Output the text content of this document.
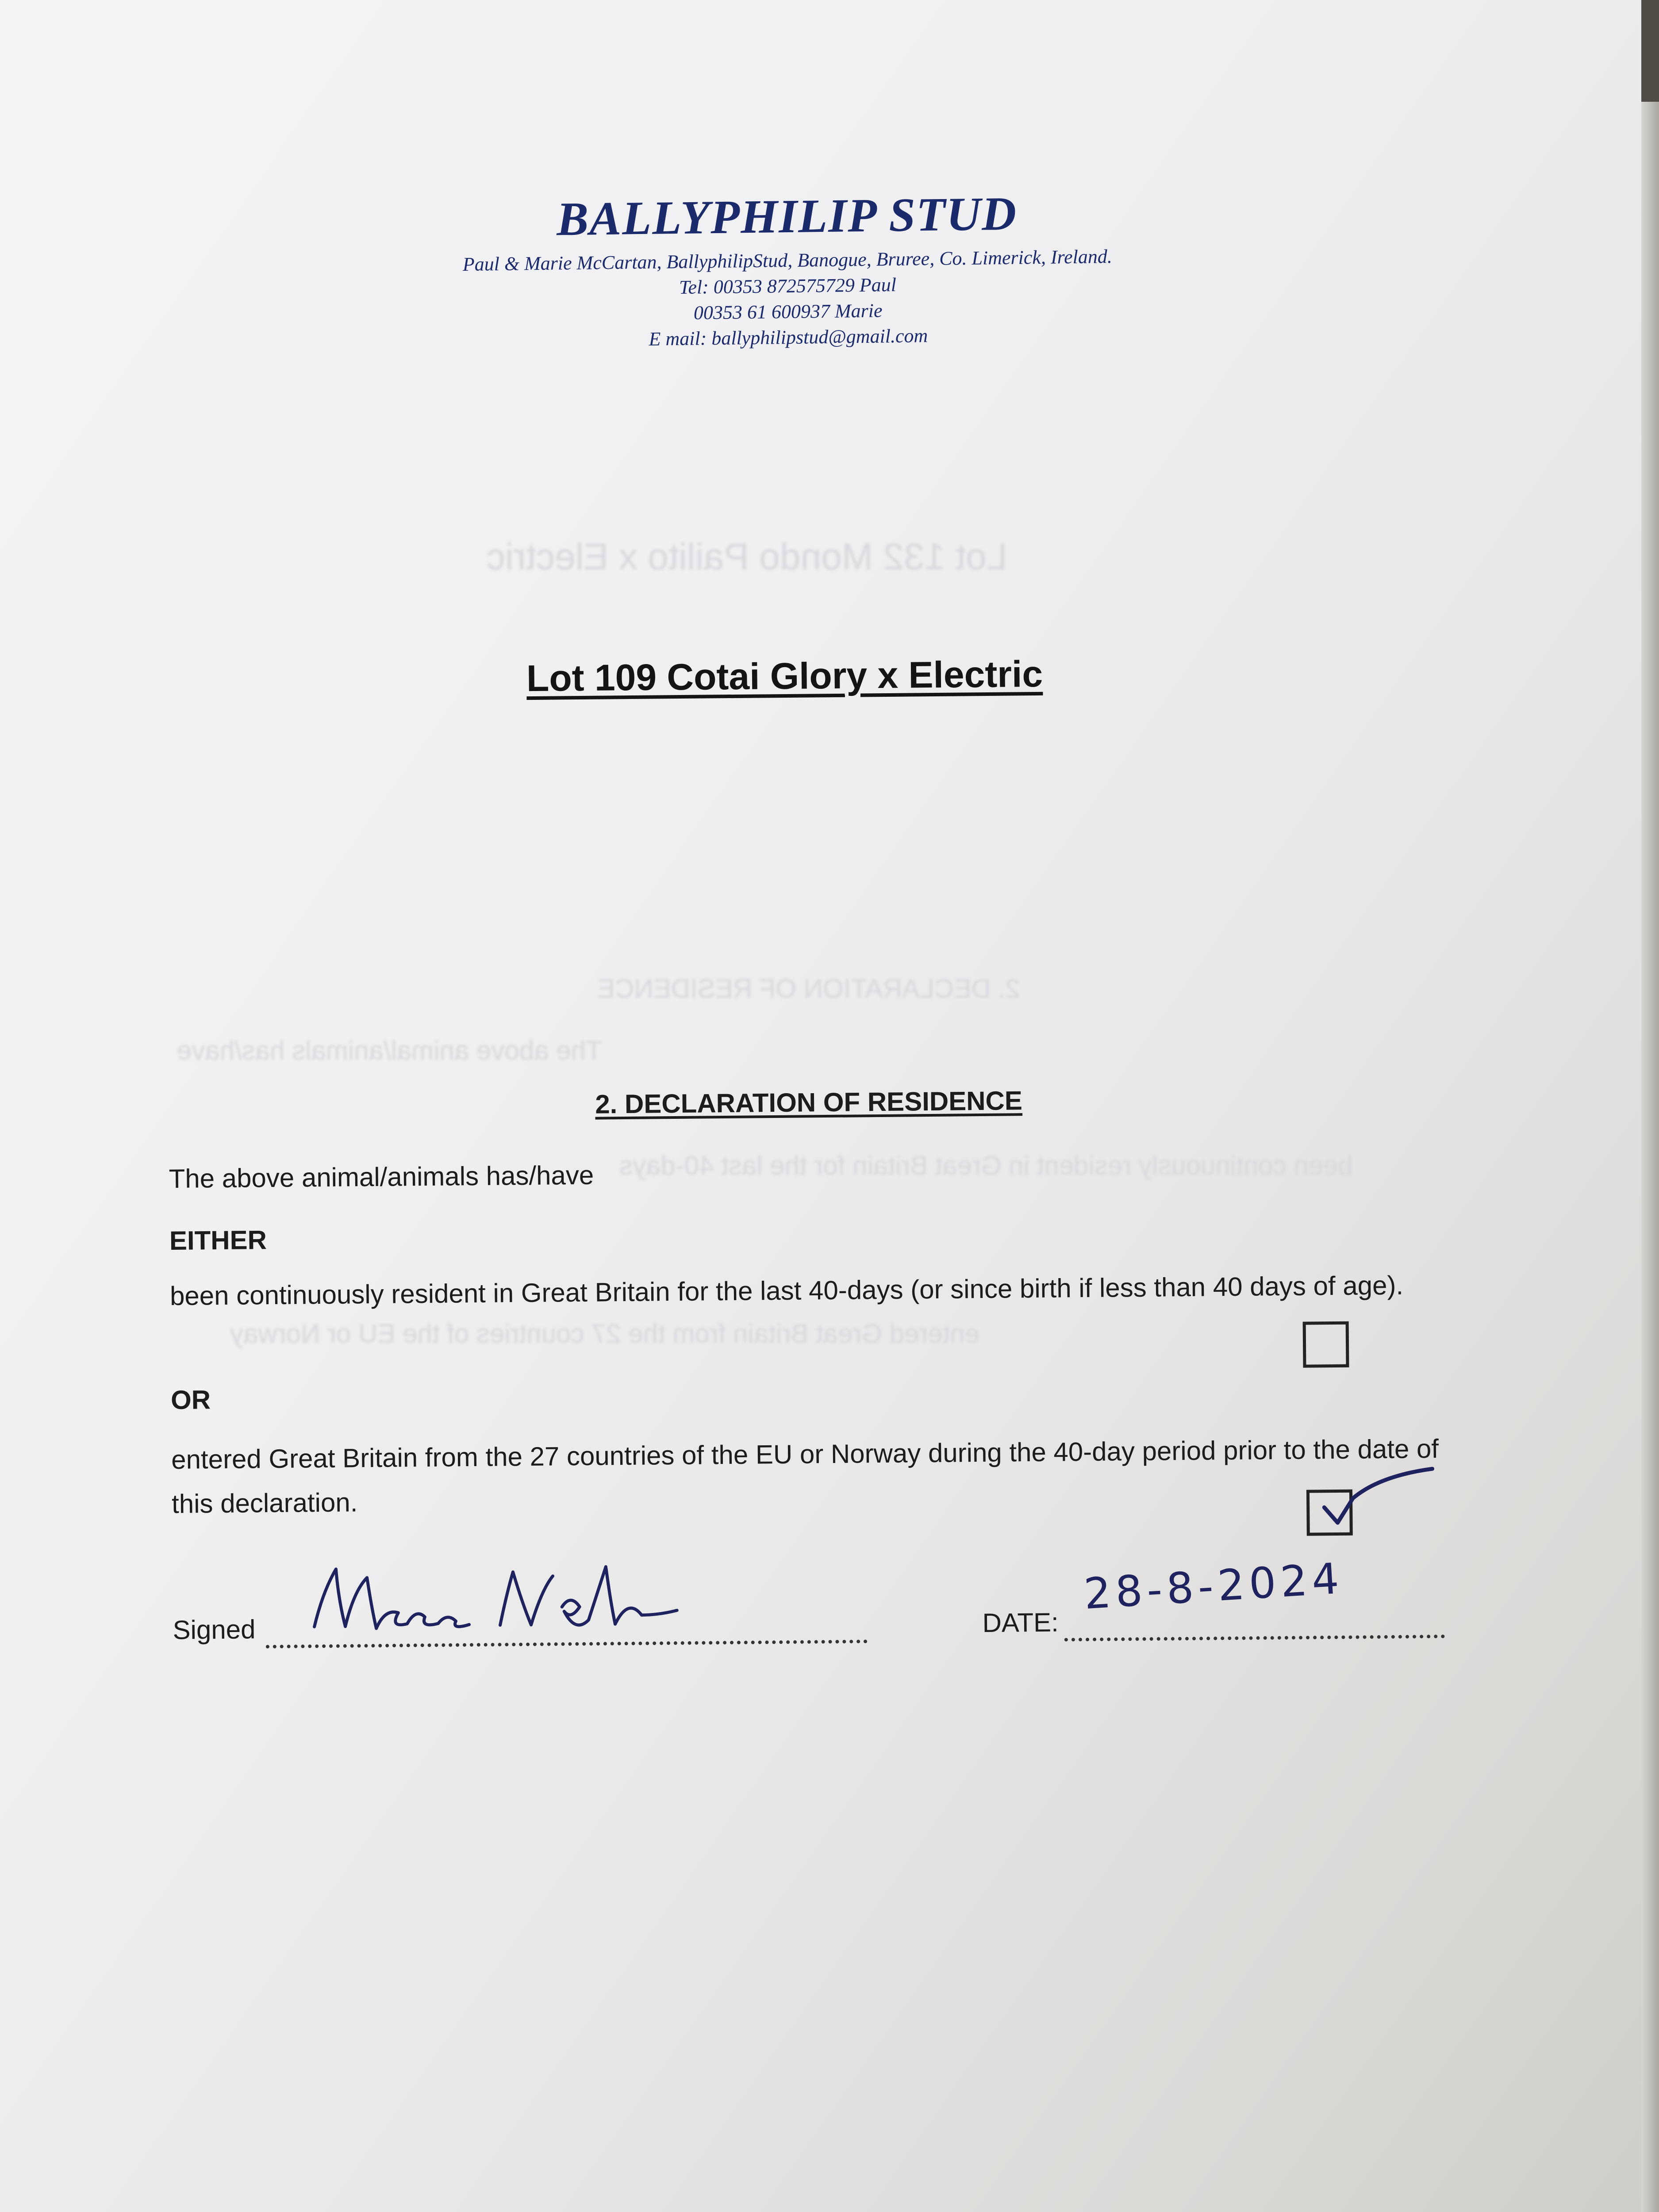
Lot 132 Mondo Pailito x Electric
2. DECLARATION OF RESIDENCE
The above animal/animals has/have
been continuously resident in Great Britain for the last 40-days
entered Great Britain from the 27 countries of the EU or Norway
BALLYPHILIP STUD
Paul & Marie McCartan, BallyphilipStud, Banogue, Bruree, Co. Limerick, Ireland.
Tel: 00353 872575729 Paul
00353 61 600937 Marie
E mail: ballyphilipstud@gmail.com
Lot 109 Cotai Glory x Electric
2. DECLARATION OF RESIDENCE
The above animal/animals has/have
EITHER
been continuously resident in Great Britain for the last 40-days (or since birth if less than 40 days of age).
OR
entered Great Britain from the 27 countries of the EU or Norway during the 40-day period prior to the date of this declaration.
Signed	DATE:
28-8-2024
